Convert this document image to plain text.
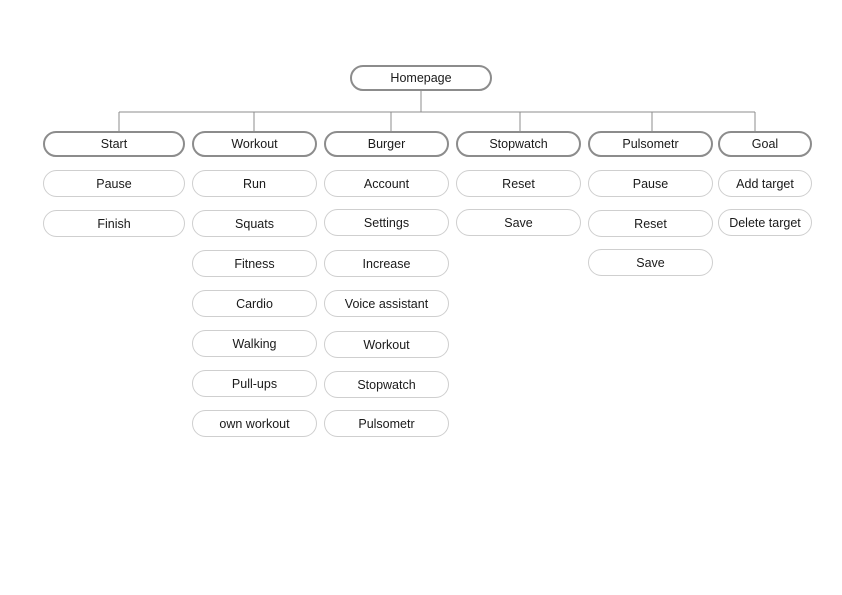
Homepage
Start
Pause
Finish
Workout
Run
Squats
Fitness
Cardio
Walking
Pull-ups
own workout
Burger
Account
Settings
Increase
Voice assistant
Workout
Stopwatch
Pulsometr
Stopwatch
Reset
Save
Pulsometr
Pause
Reset
Save
Goal
Add target
Delete target
